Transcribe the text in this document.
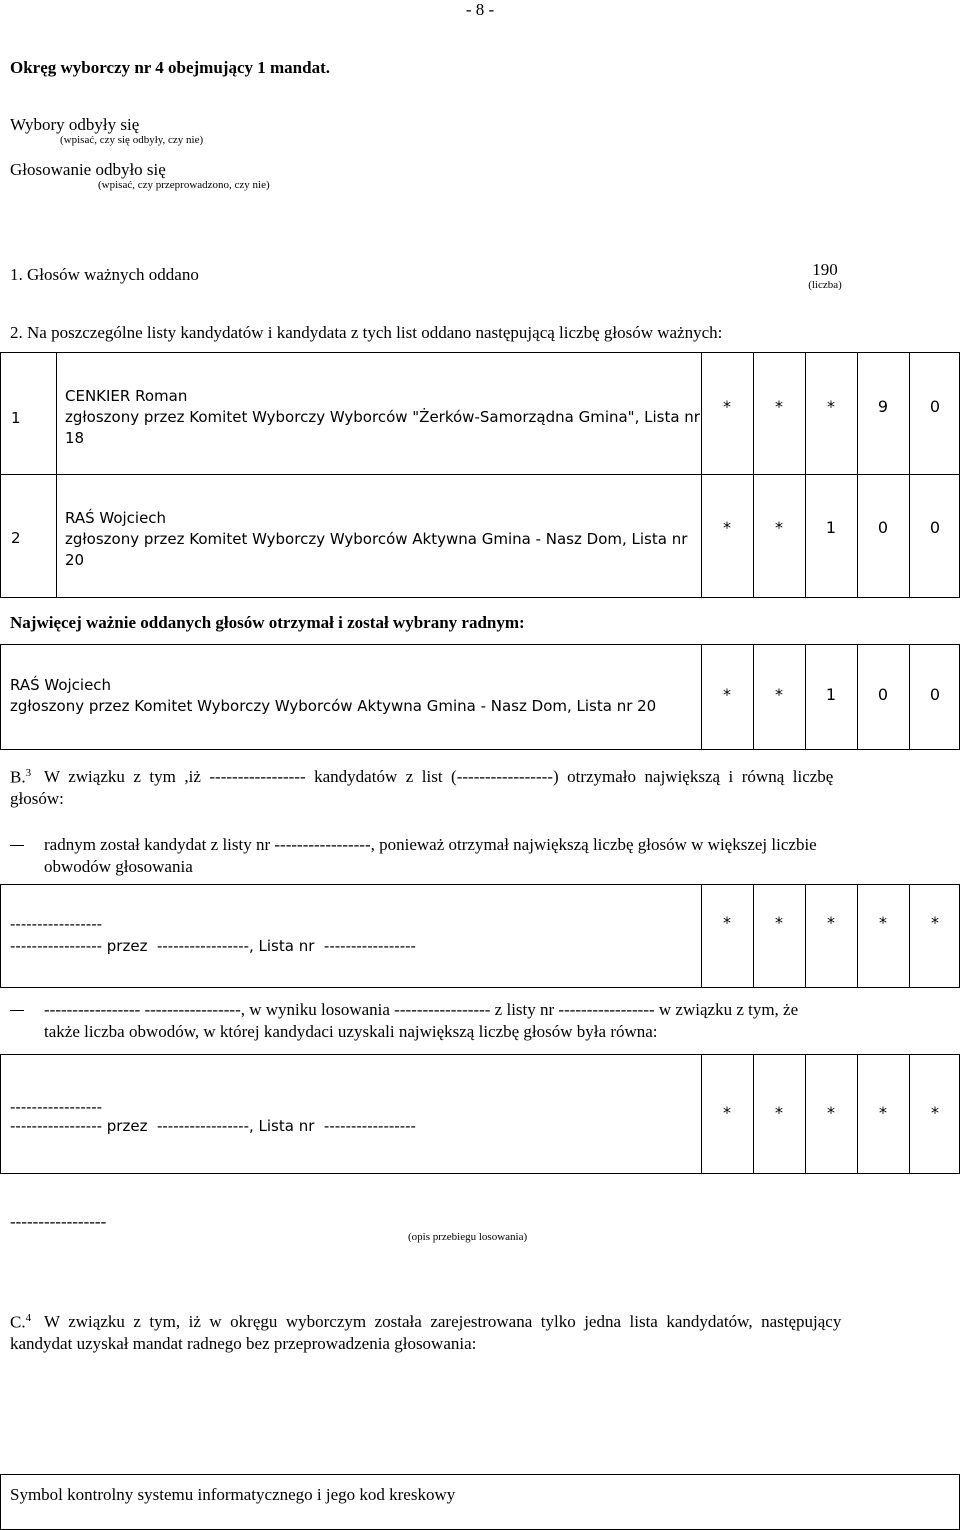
- 8 -
Okręg wyborczy nr 4 obejmujący 1 mandat.
Wybory odbyły się
(wpisać, czy się odbyły, czy nie)
Głosowanie odbyło się
(wpisać, czy przeprowadzono, czy nie)
1. Głosów ważnych oddano	190
(liczba)
2. Na poszczególne listy kandydatów i kandydata z tych list oddano następującą liczbę głosów ważnych:
1
CENKIER Roman
zgłoszony przez Komitet Wyborczy Wyborców "Żerków-Samorządna Gmina", Lista nr
18
*	*	*	9	0
2
RAŚ Wojciech
zgłoszony przez Komitet Wyborczy Wyborców Aktywna Gmina - Nasz Dom, Lista nr
20
*	*	1	0	0
Najwięcej ważnie oddanych głosów otrzymał i został wybrany radnym:
RAŚ Wojciech
zgłoszony przez Komitet Wyborczy Wyborców Aktywna Gmina - Nasz Dom, Lista nr 20
*	*	1	0	0
B.$^3$ W  związku  z  tym  ,iż  -----------------  kandydatów  z  list  (-----------------)  otrzymało  największą  i  równą  liczbę
głosów:
radnym został kandydat z listy nr -----------------, ponieważ otrzymał największą liczbę głosów w większej liczbie
obwodów głosowania
-----------------
----------------- przez  -----------------, Lista nr  -----------------
*	*	*	*	*
----------------- -----------------, w wyniku losowania ----------------- z listy nr ----------------- w związku z tym, że
także liczba obwodów, w której kandydaci uzyskali największą liczbę głosów była równa:
-----------------
----------------- przez  -----------------, Lista nr  -----------------
*	*	*	*	*
-----------------
(opis przebiegu losowania)
C.$^4$ W  związku  z  tym,  iż  w  okręgu  wyborczym  została  zarejestrowana  tylko  jedna  lista  kandydatów,  następujący
kandydat uzyskał mandat radnego bez przeprowadzenia głosowania:
Symbol kontrolny systemu informatycznego i jego kod kreskowy
